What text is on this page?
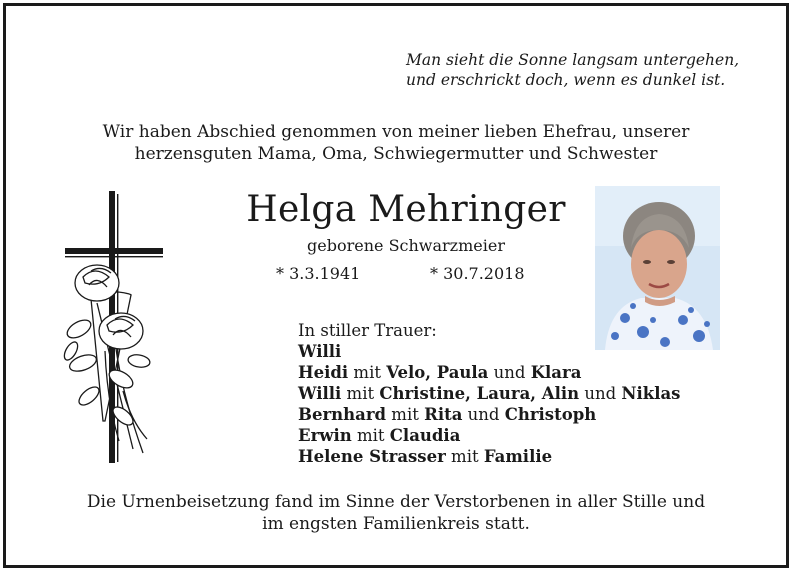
Man sieht die Sonne langsam untergehen,
und erschrickt doch, wenn es dunkel ist.
Wir haben Abschied genommen von meiner lieben Ehefrau, unserer
herzensguten Mama, Oma, Schwiegermutter und Schwester
Helga Mehringer
geborene Schwarzmeier
* 3.3.1941	* 30.7.2018
In stiller Trauer:
Willi
Heidi mit Velo, Paula und Klara
Willi mit Christine, Laura, Alin und Niklas
Bernhard mit Rita und Christoph
Erwin mit Claudia
Helene Strasser mit Familie
Die Urnenbeisetzung fand im Sinne der Verstorbenen in aller Stille und
im engsten Familienkreis statt.
